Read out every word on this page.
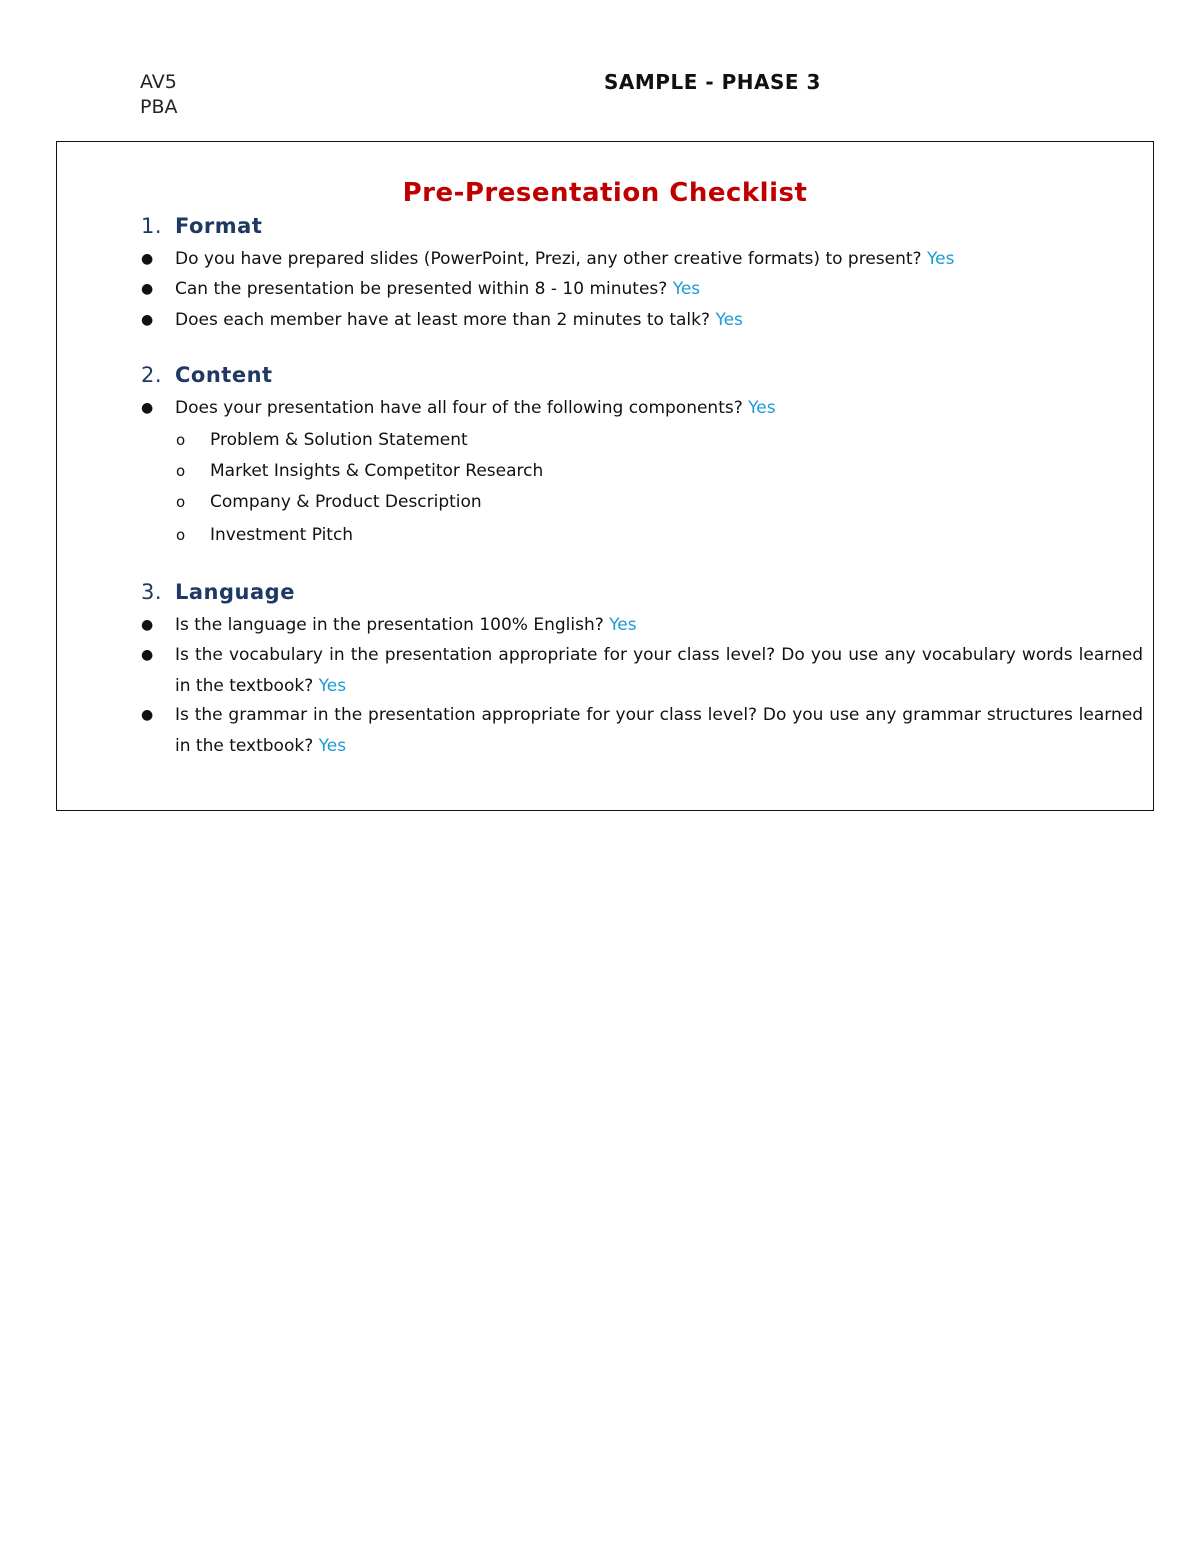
AV5
PBA
SAMPLE - PHASE 3
Pre-Presentation Checklist
1. Format
● Do you have prepared slides (PowerPoint, Prezi, any other creative formats) to present? Yes
● Can the presentation be presented within 8 - 10 minutes? Yes
● Does each member have at least more than 2 minutes to talk? Yes
2. Content
● Does your presentation have all four of the following components? Yes
o Problem & Solution Statement
o Market Insights & Competitor Research
o Company & Product Description
o Investment Pitch
3. Language
● Is the language in the presentation 100% English? Yes
● Is the vocabulary in the presentation appropriate for your class level? Do you use any vocabulary words learned in the textbook? Yes
● Is the grammar in the presentation appropriate for your class level? Do you use any grammar structures learned in the textbook? Yes
